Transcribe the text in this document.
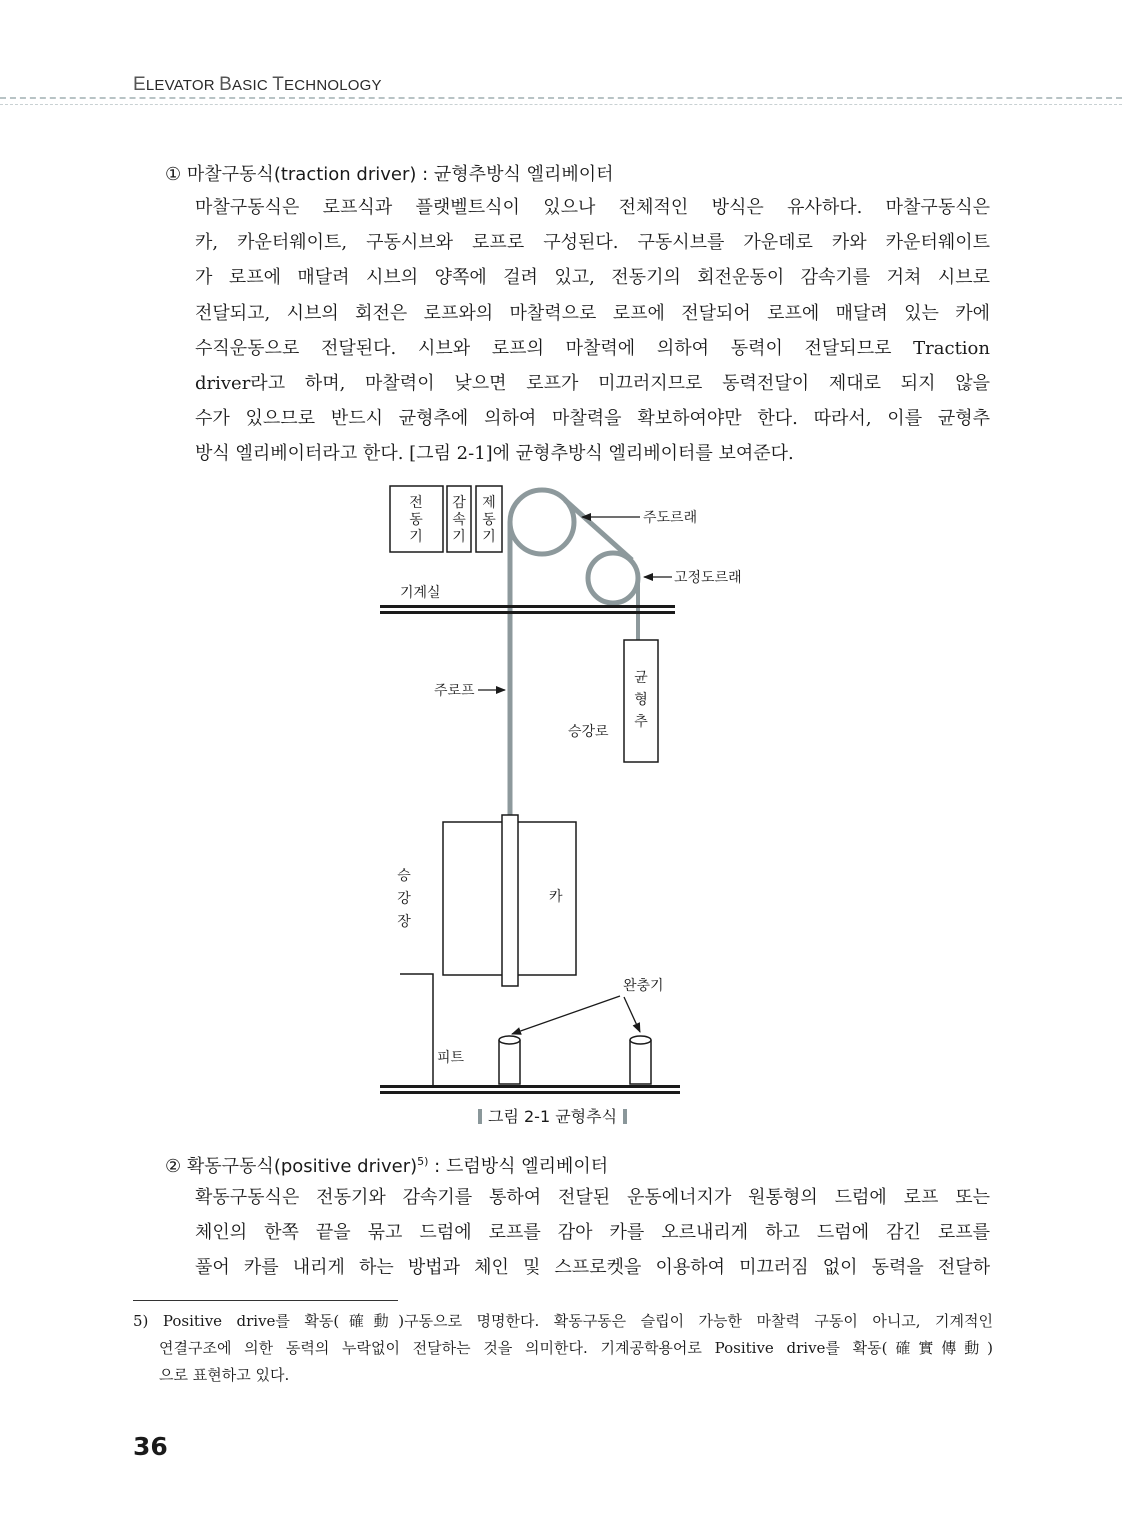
ELEVATOR BASIC TECHNOLOGY
① 마찰구동식(traction driver) : 균형추방식 엘리베이터
마찰구동식은 로프식과 플랫벨트식이 있으나 전체적인 방식은 유사하다. 마찰구동식은
카, 카운터웨이트, 구동시브와 로프로 구성된다. 구동시브를 가운데로 카와 카운터웨이트
가 로프에 매달려 시브의 양쪽에 걸려 있고, 전동기의 회전운동이 감속기를 거쳐 시브로
전달되고, 시브의 회전은 로프와의 마찰력으로 로프에 전달되어 로프에 매달려 있는 카에
수직운동으로 전달된다. 시브와 로프의 마찰력에 의하여 동력이 전달되므로 Traction
driver라고 하며, 마찰력이 낮으면 로프가 미끄러지므로 동력전달이 제대로 되지 않을
수가 있으므로 반드시 균형추에 의하여 마찰력을 확보하여야만 한다. 따라서, 이를 균형추
방식 엘리베이터라고 한다. [그림 2-1]에 균형추방식 엘리베이터를 보여준다.
전
동
기
감
속
기
제
동
기
주도르래
고정도르래
기계실
주로프
균
형
추
승강로
카
승
강
장
피트
완충기
그림 2-1 균형추식
② 확동구동식(positive driver)$^{5)}$ : 드럼방식 엘리베이터
확동구동식은 전동기와 감속기를 통하여 전달된 운동에너지가 원통형의 드럼에 로프 또는
체인의 한쪽 끝을 묶고 드럼에 로프를 감아 카를 오르내리게 하고 드럼에 감긴 로프를
풀어 카를 내리게 하는 방법과 체인 및 스프로켓을 이용하여 미끄러짐 없이 동력을 전달하
5) Positive drive를 확동(確動)구동으로 명명한다. 확동구동은 슬립이 가능한 마찰력 구동이 아니고, 기계적인
연결구조에 의한 동력의 누락없이 전달하는 것을 의미한다. 기계공학용어로 Positive drive를 확동(確實傳動)
으로 표현하고 있다.
36
